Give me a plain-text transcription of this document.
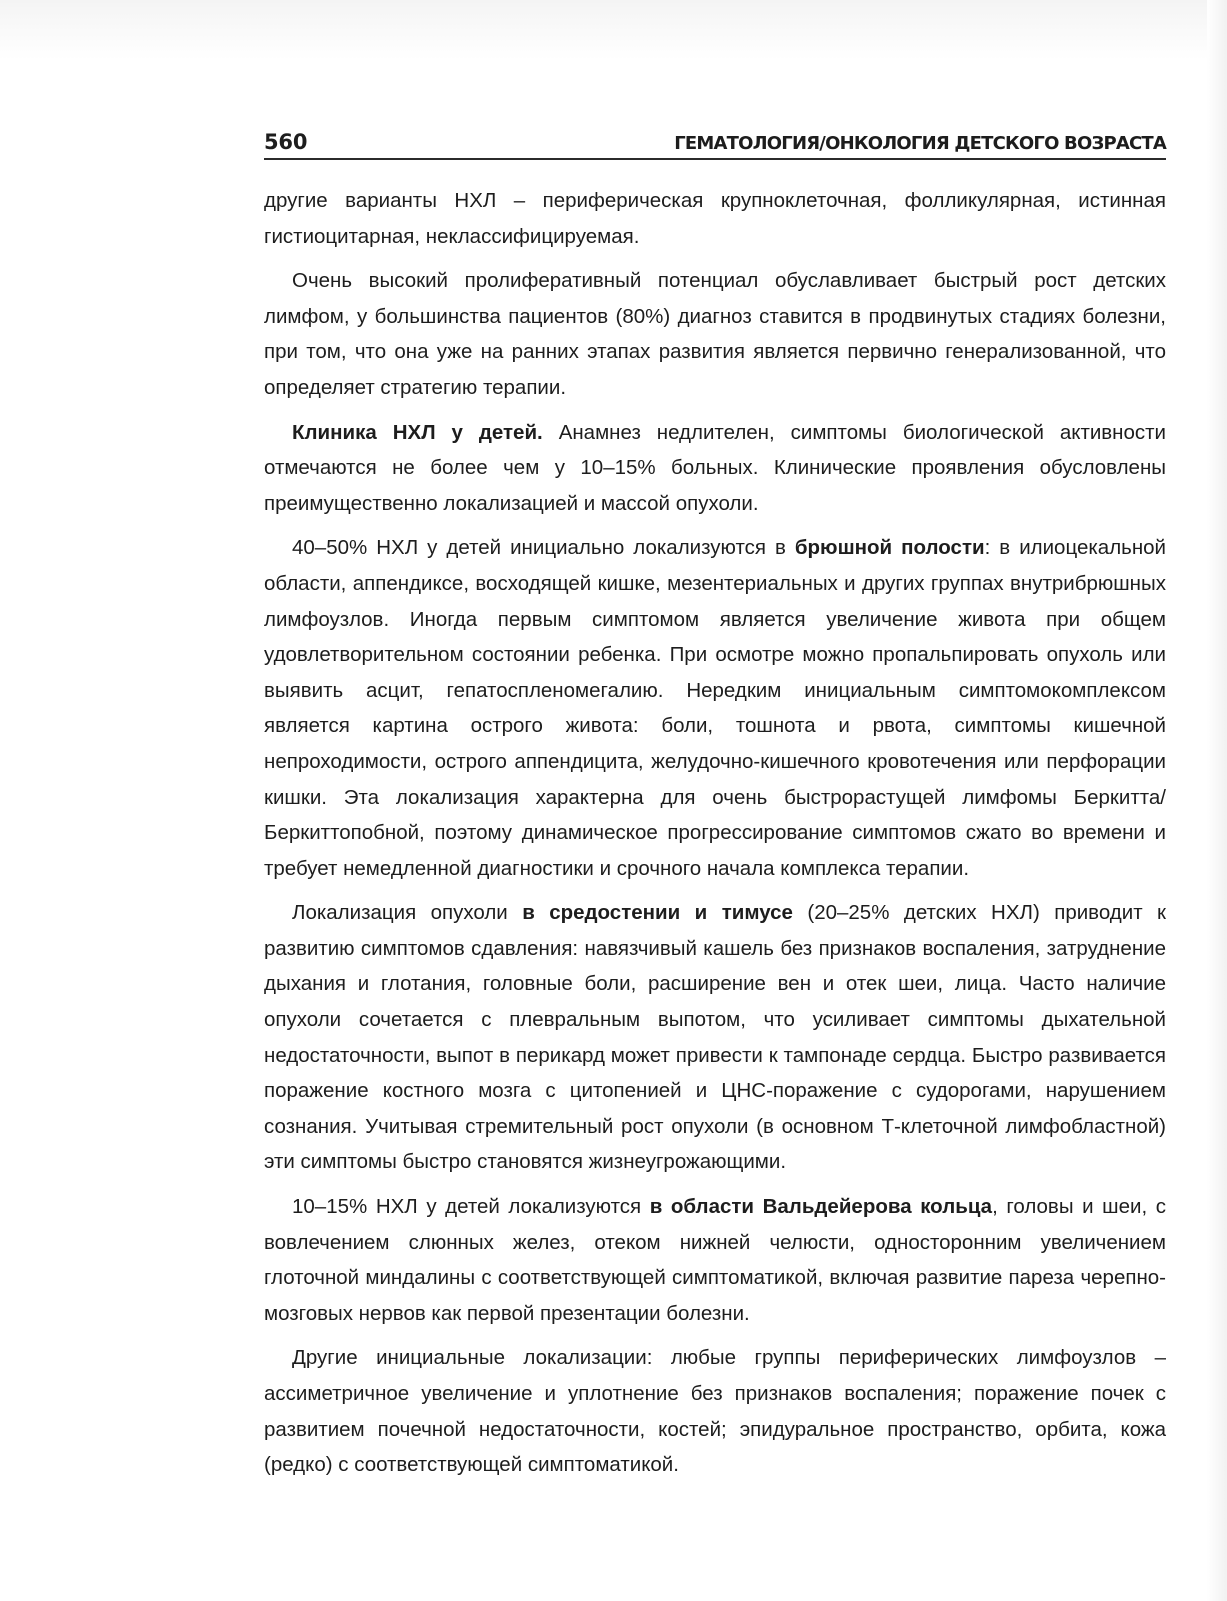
560	ГЕМАТОЛОГИЯ/ОНКОЛОГИЯ ДЕТСКОГО ВОЗРАСТА

другие варианты НХЛ – периферическая крупноклеточная, фолликулярная, истинная гистиоцитарная, неклассифицируемая.

Очень высокий пролиферативный потенциал обуславливает быстрый рост детских лимфом, у большинства пациентов (80%) диагноз ставится в продвинутых стадиях болезни, при том, что она уже на ранних этапах развития является первично генерализованной, что определяет стратегию терапии.

Клиника НХЛ у детей. Анамнез недлителен, симптомы биологической активности отмечаются не более чем у 10–15% больных. Клинические проявления обусловлены преимущественно локализацией и массой опухоли.

40–50% НХЛ у детей инициально локализуются в брюшной полости: в илиоцекальной области, аппендиксе, восходящей кишке, мезентериальных и других группах внутрибрюшных лимфоузлов. Иногда первым симптомом является увеличение живота при общем удовлетворительном состоянии ребенка. При осмотре можно пропальпировать опухоль или выявить асцит, гепатоспленомегалию. Нередким инициальным симптомокомплексом является картина острого живота: боли, тошнота и рвота, симптомы кишечной непроходимости, острого аппендицита, желудочно-кишечного кровотечения или перфорации кишки. Эта локализация характерна для очень быстрорастущей лимфомы Беркитта/Беркиттопобной, поэтому динамическое прогрессирование симптомов сжато во времени и требует немедленной диагностики и срочного начала комплекса терапии.

Локализация опухоли в средостении и тимусе (20–25% детских НХЛ) приводит к развитию симптомов сдавления: навязчивый кашель без признаков воспаления, затруднение дыхания и глотания, головные боли, расширение вен и отек шеи, лица. Часто наличие опухоли сочетается с плевральным выпотом, что усиливает симптомы дыхательной недостаточности, выпот в перикард может привести к тампонаде сердца. Быстро развивается поражение костного мозга с цитопенией и ЦНС-поражение с судорогами, нарушением сознания. Учитывая стремительный рост опухоли (в основном Т-клеточной лимфобластной) эти симптомы быстро становятся жизнеугрожающими.

10–15% НХЛ у детей локализуются в области Вальдейерова кольца, головы и шеи, с вовлечением слюнных желез, отеком нижней челюсти, односторонним увеличением глоточной миндалины с соответствующей симптоматикой, включая развитие пареза черепно-мозговых нервов как первой презентации болезни.

Другие инициальные локализации: любые группы периферических лимфоузлов – ассиметричное увеличение и уплотнение без признаков воспаления; поражение почек с развитием почечной недостаточности, костей; эпидуральное пространство, орбита, кожа (редко) с соответствующей симптоматикой.
